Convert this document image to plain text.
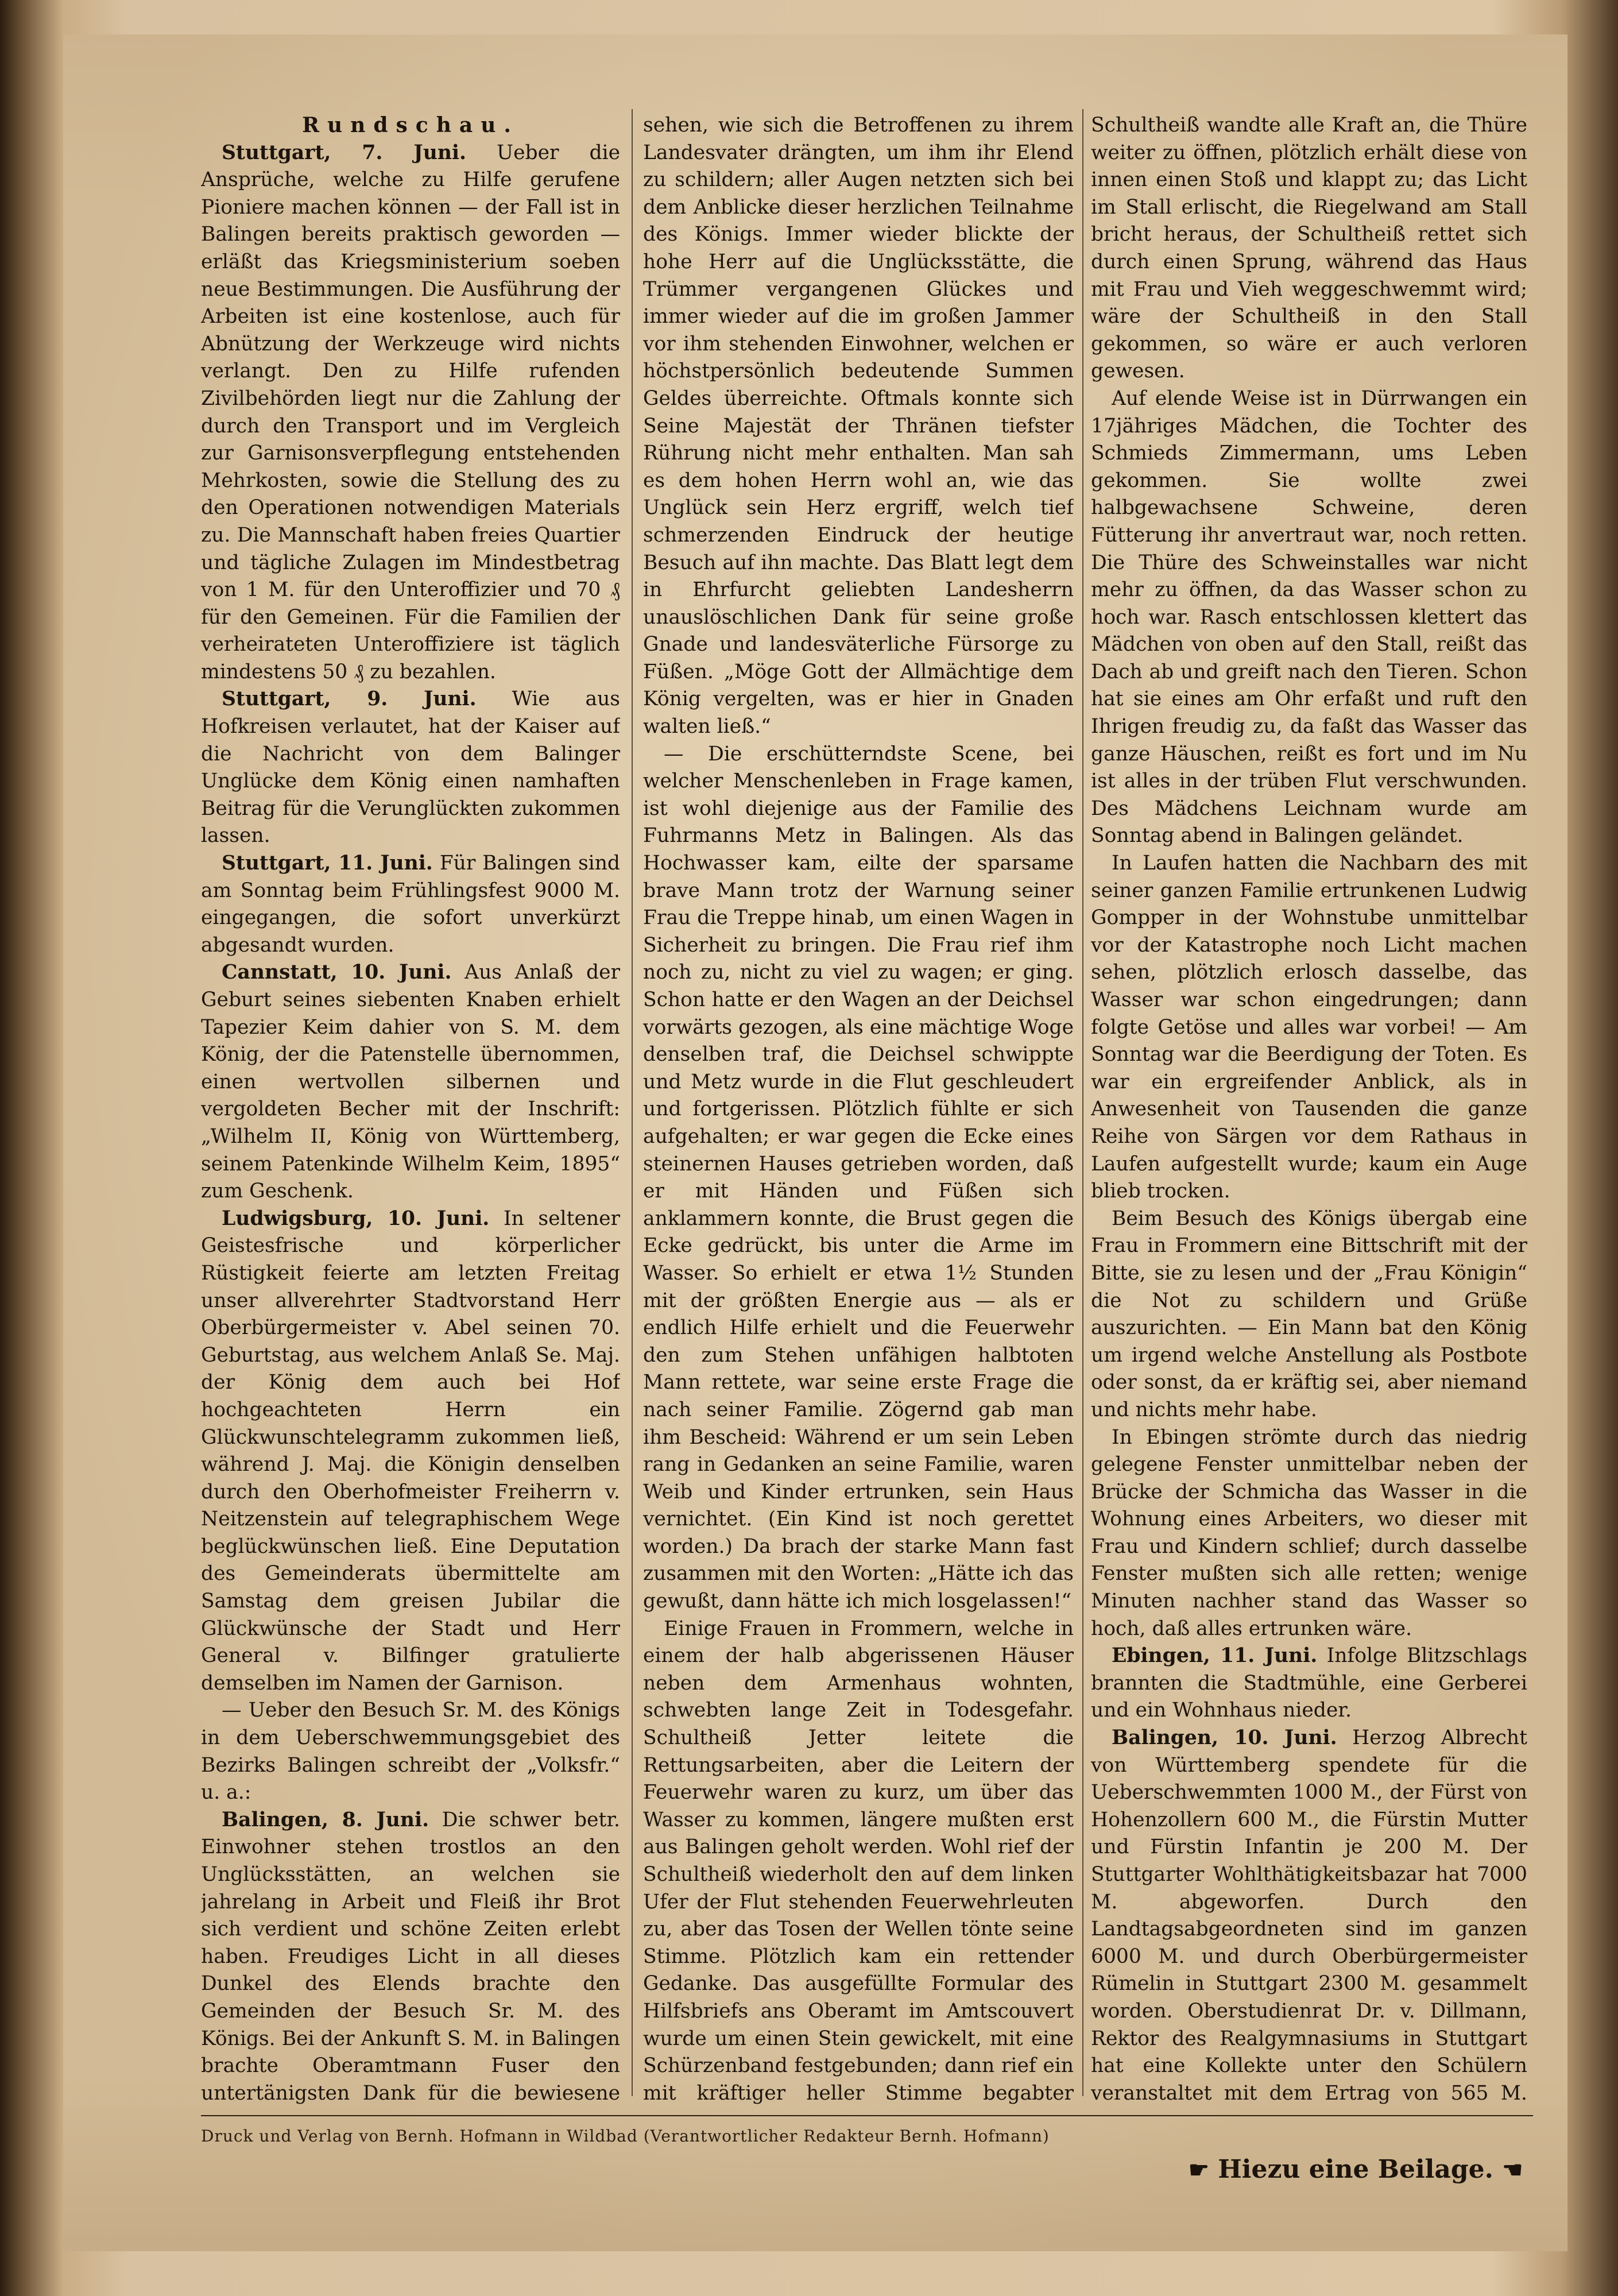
Rundschau.

Stuttgart, 7. Juni. Ueber die Ansprüche, welche zu Hilfe gerufene Pioniere machen können — der Fall ist in Balingen bereits praktisch geworden — erläßt das Kriegsministerium soeben neue Bestimmungen. Die Ausführung der Arbeiten ist eine kostenlose, auch für Abnützung der Werkzeuge wird nichts verlangt. Den zu Hilfe rufenden Zivilbehörden liegt nur die Zahlung der durch den Transport und im Vergleich zur Garnisonsverpflegung entstehenden Mehrkosten, sowie die Stellung des zu den Operationen notwendigen Materials zu. Die Mannschaft haben freies Quartier und tägliche Zulagen im Mindestbetrag von 1 M. für den Unteroffizier und 70 ₰ für den Gemeinen. Für die Familien der verheirateten Unteroffiziere ist täglich mindestens 50 ₰ zu bezahlen.

Stuttgart, 9. Juni. Wie aus Hofkreisen verlautet, hat der Kaiser auf die Nachricht von dem Balinger Unglücke dem König einen namhaften Beitrag für die Verunglückten zukommen lassen.

Stuttgart, 11. Juni. Für Balingen sind am Sonntag beim Frühlingsfest 9000 M. eingegangen, die sofort unverkürzt abgesandt wurden.

Cannstatt, 10. Juni. Aus Anlaß der Geburt seines siebenten Knaben erhielt Tapezier Keim dahier von S. M. dem König, der die Patenstelle übernommen, einen wertvollen silbernen und vergoldeten Becher mit der Inschrift: „Wilhelm II, König von Württemberg, seinem Patenkinde Wilhelm Keim, 1895“ zum Geschenk.

Ludwigsburg, 10. Juni. In seltener Geistesfrische und körperlicher Rüstigkeit feierte am letzten Freitag unser allverehrter Stadtvorstand Herr Oberbürgermeister v. Abel seinen 70. Geburtstag, aus welchem Anlaß Se. Maj. der König dem auch bei Hof hochgeachteten Herrn ein Glückwunschtelegramm zukommen ließ, während J. Maj. die Königin denselben durch den Oberhofmeister Freiherrn v. Neitzenstein auf telegraphischem Wege beglückwünschen ließ. Eine Deputation des Gemeinderats übermittelte am Samstag dem greisen Jubilar die Glückwünsche der Stadt und Herr General v. Bilfinger gratulierte demselben im Namen der Garnison.

— Ueber den Besuch Sr. M. des Königs in dem Ueberschwemmungsgebiet des Bezirks Balingen schreibt der „Volksfr.“ u. a.:

Balingen, 8. Juni. Die schwer betr. Einwohner stehen trostlos an den Unglücksstätten, an welchen sie jahrelang in Arbeit und Fleiß ihr Brot sich verdient und schöne Zeiten erlebt haben. Freudiges Licht in all dieses Dunkel des Elends brachte den Gemeinden der Besuch Sr. M. des Königs. Bei der Ankunft S. M. in Balingen brachte Oberamtmann Fuser den untertänigsten Dank für die bewiesene

sehen, wie sich die Betroffenen zu ihrem Landesvater drängten, um ihm ihr Elend zu schildern; aller Augen netzten sich bei dem Anblicke dieser herzlichen Teilnahme des Königs. Immer wieder blickte der hohe Herr auf die Unglücksstätte, die Trümmer vergangenen Glückes und immer wieder auf die im großen Jammer vor ihm stehenden Einwohner, welchen er höchstpersönlich bedeutende Summen Geldes überreichte. Oftmals konnte sich Seine Majestät der Thränen tiefster Rührung nicht mehr enthalten. Man sah es dem hohen Herrn wohl an, wie das Unglück sein Herz ergriff, welch tief schmerzenden Eindruck der heutige Besuch auf ihn machte. Das Blatt legt dem in Ehrfurcht geliebten Landesherrn unauslöschlichen Dank für seine große Gnade und landesväterliche Fürsorge zu Füßen. „Möge Gott der Allmächtige dem König vergelten, was er hier in Gnaden walten ließ.“

— Die erschütterndste Scene, bei welcher Menschenleben in Frage kamen, ist wohl diejenige aus der Familie des Fuhrmanns Metz in Balingen. Als das Hochwasser kam, eilte der sparsame brave Mann trotz der Warnung seiner Frau die Treppe hinab, um einen Wagen in Sicherheit zu bringen. Die Frau rief ihm noch zu, nicht zu viel zu wagen; er ging. Schon hatte er den Wagen an der Deichsel vorwärts gezogen, als eine mächtige Woge denselben traf, die Deichsel schwippte und Metz wurde in die Flut geschleudert und fortgerissen. Plötzlich fühlte er sich aufgehalten; er war gegen die Ecke eines steinernen Hauses getrieben worden, daß er mit Händen und Füßen sich anklammern konnte, die Brust gegen die Ecke gedrückt, bis unter die Arme im Wasser. So erhielt er etwa 1½ Stunden mit der größten Energie aus — als er endlich Hilfe erhielt und die Feuerwehr den zum Stehen unfähigen halbtoten Mann rettete, war seine erste Frage die nach seiner Familie. Zögernd gab man ihm Bescheid: Während er um sein Leben rang in Gedanken an seine Familie, waren Weib und Kinder ertrunken, sein Haus vernichtet. (Ein Kind ist noch gerettet worden.) Da brach der starke Mann fast zusammen mit den Worten: „Hätte ich das gewußt, dann hätte ich mich losgelassen!“

Einige Frauen in Frommern, welche in einem der halb abgerissenen Häuser neben dem Armenhaus wohnten, schwebten lange Zeit in Todesgefahr. Schultheiß Jetter leitete die Rettungsarbeiten, aber die Leitern der Feuerwehr waren zu kurz, um über das Wasser zu kommen, längere mußten erst aus Balingen geholt werden. Wohl rief der Schultheiß wiederholt den auf dem linken Ufer der Flut stehenden Feuerwehrleuten zu, aber das Tosen der Wellen tönte seine Stimme. Plötzlich kam ein rettender Gedanke. Das ausgefüllte Formular des Hilfsbriefs ans Oberamt im Amtscouvert wurde um einen Stein gewickelt, mit eine Schürzenband festgebunden; dann rief ein mit kräftiger heller Stimme begabter

Schultheiß wandte alle Kraft an, die Thüre weiter zu öffnen, plötzlich erhält diese von innen einen Stoß und klappt zu; das Licht im Stall erlischt, die Riegelwand am Stall bricht heraus, der Schultheiß rettet sich durch einen Sprung, während das Haus mit Frau und Vieh weggeschwemmt wird; wäre der Schultheiß in den Stall gekommen, so wäre er auch verloren gewesen.

Auf elende Weise ist in Dürrwangen ein 17jähriges Mädchen, die Tochter des Schmieds Zimmermann, ums Leben gekommen. Sie wollte zwei halbgewachsene Schweine, deren Fütterung ihr anvertraut war, noch retten. Die Thüre des Schweinstalles war nicht mehr zu öffnen, da das Wasser schon zu hoch war. Rasch entschlossen klettert das Mädchen von oben auf den Stall, reißt das Dach ab und greift nach den Tieren. Schon hat sie eines am Ohr erfaßt und ruft den Ihrigen freudig zu, da faßt das Wasser das ganze Häuschen, reißt es fort und im Nu ist alles in der trüben Flut verschwunden. Des Mädchens Leichnam wurde am Sonntag abend in Balingen geländet.

In Laufen hatten die Nachbarn des mit seiner ganzen Familie ertrunkenen Ludwig Gompper in der Wohnstube unmittelbar vor der Katastrophe noch Licht machen sehen, plötzlich erlosch dasselbe, das Wasser war schon eingedrungen; dann folgte Getöse und alles war vorbei! — Am Sonntag war die Beerdigung der Toten. Es war ein ergreifender Anblick, als in Anwesenheit von Tausenden die ganze Reihe von Särgen vor dem Rathaus in Laufen aufgestellt wurde; kaum ein Auge blieb trocken.

Beim Besuch des Königs übergab eine Frau in Frommern eine Bittschrift mit der Bitte, sie zu lesen und der „Frau Königin“ die Not zu schildern und Grüße auszurichten. — Ein Mann bat den König um irgend welche Anstellung als Postbote oder sonst, da er kräftig sei, aber niemand und nichts mehr habe.

In Ebingen strömte durch das niedrig gelegene Fenster unmittelbar neben der Brücke der Schmicha das Wasser in die Wohnung eines Arbeiters, wo dieser mit Frau und Kindern schlief; durch dasselbe Fenster mußten sich alle retten; wenige Minuten nachher stand das Wasser so hoch, daß alles ertrunken wäre.

Ebingen, 11. Juni. Infolge Blitzschlags brannten die Stadtmühle, eine Gerberei und ein Wohnhaus nieder.

Balingen, 10. Juni. Herzog Albrecht von Württemberg spendete für die Ueberschwemmten 1000 M., der Fürst von Hohenzollern 600 M., die Fürstin Mutter und Fürstin Infantin je 200 M. Der Stuttgarter Wohlthätigkeitsbazar hat 7000 M. abgeworfen. Durch den Landtagsabgeordneten sind im ganzen 6000 M. und durch Oberbürgermeister Rümelin in Stuttgart 2300 M. gesammelt worden. Oberstudienrat Dr. v. Dillmann, Rektor des Realgymnasiums in Stuttgart hat eine Kollekte unter den Schülern veranstaltet mit dem Ertrag von 565 M.

Druck und Verlag von Bernh. Hofmann in Wildbad (Verantwortlicher Redakteur Bernh. Hofmann)
☛ Hiezu eine Beilage. ☚
